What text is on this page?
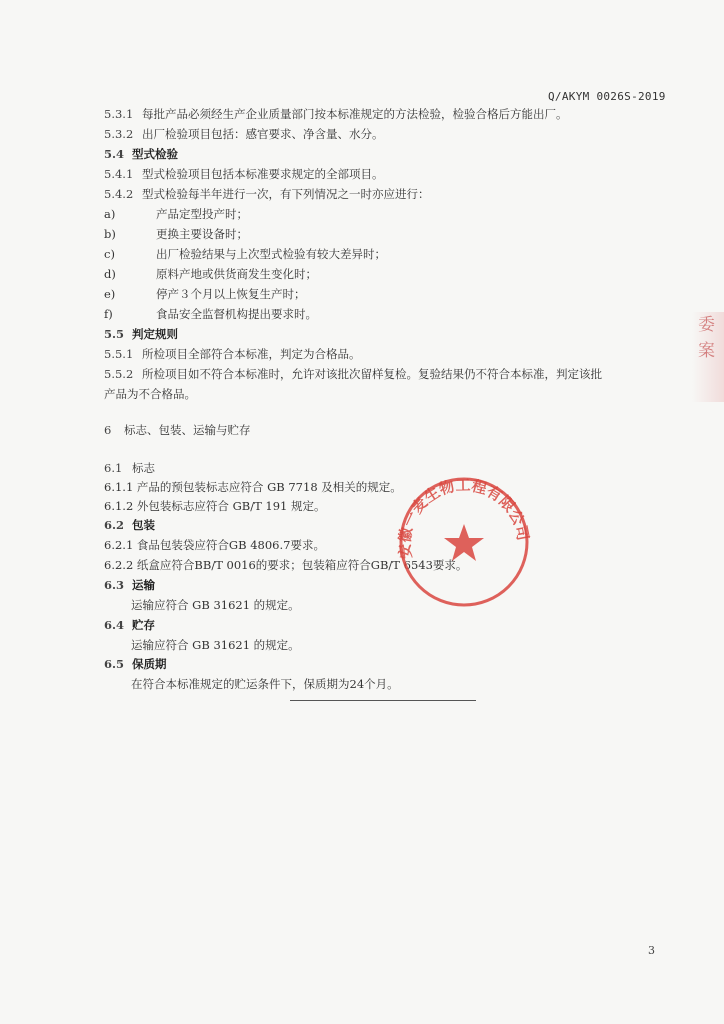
Q/AKYM 0026S-2019
5.3.1 每批产品必须经生产企业质量部门按本标准规定的方法检验，检验合格后方能出厂。
5.3.2 出厂检验项目包括：感官要求、净含量、水分。
5.4 型式检验
5.4.1 型式检验项目包括本标准要求规定的全部项目。
5.4.2 型式检验每半年进行一次，有下列情况之一时亦应进行：
a)	产品定型投产时；
b)	更换主要设备时；
c)	出厂检验结果与上次型式检验有较大差异时；
d)	原料产地或供货商发生变化时；
e)	停产３个月以上恢复生产时；
f)	食品安全监督机构提出要求时。
5.5 判定规则
5.5.1 所检项目全部符合本标准，判定为合格品。
5.5.2 所检项目如不符合本标准时，允许对该批次留样复检。复验结果仍不符合本标准，判定该批
产品为不合格品。
6 标志、包装、运输与贮存
6.1 标志
6.1.1 产品的预包装标志应符合 GB 7718 及相关的规定。
6.1.2 外包装标志应符合 GB/T 191 规定。
6.2 包装
6.2.1 食品包装袋应符合GB 4806.7要求。
6.2.2 纸盒应符合BB/T 0016的要求；包装箱应符合GB/T 6543要求。
6.3 运输
运输应符合 GB 31621 的规定。
6.4 贮存
运输应符合 GB 31621 的规定。
6.5 保质期
在符合本标准规定的贮运条件下，保质期为24个月。
安徽一麦生物工程有限公司
委
案
3
